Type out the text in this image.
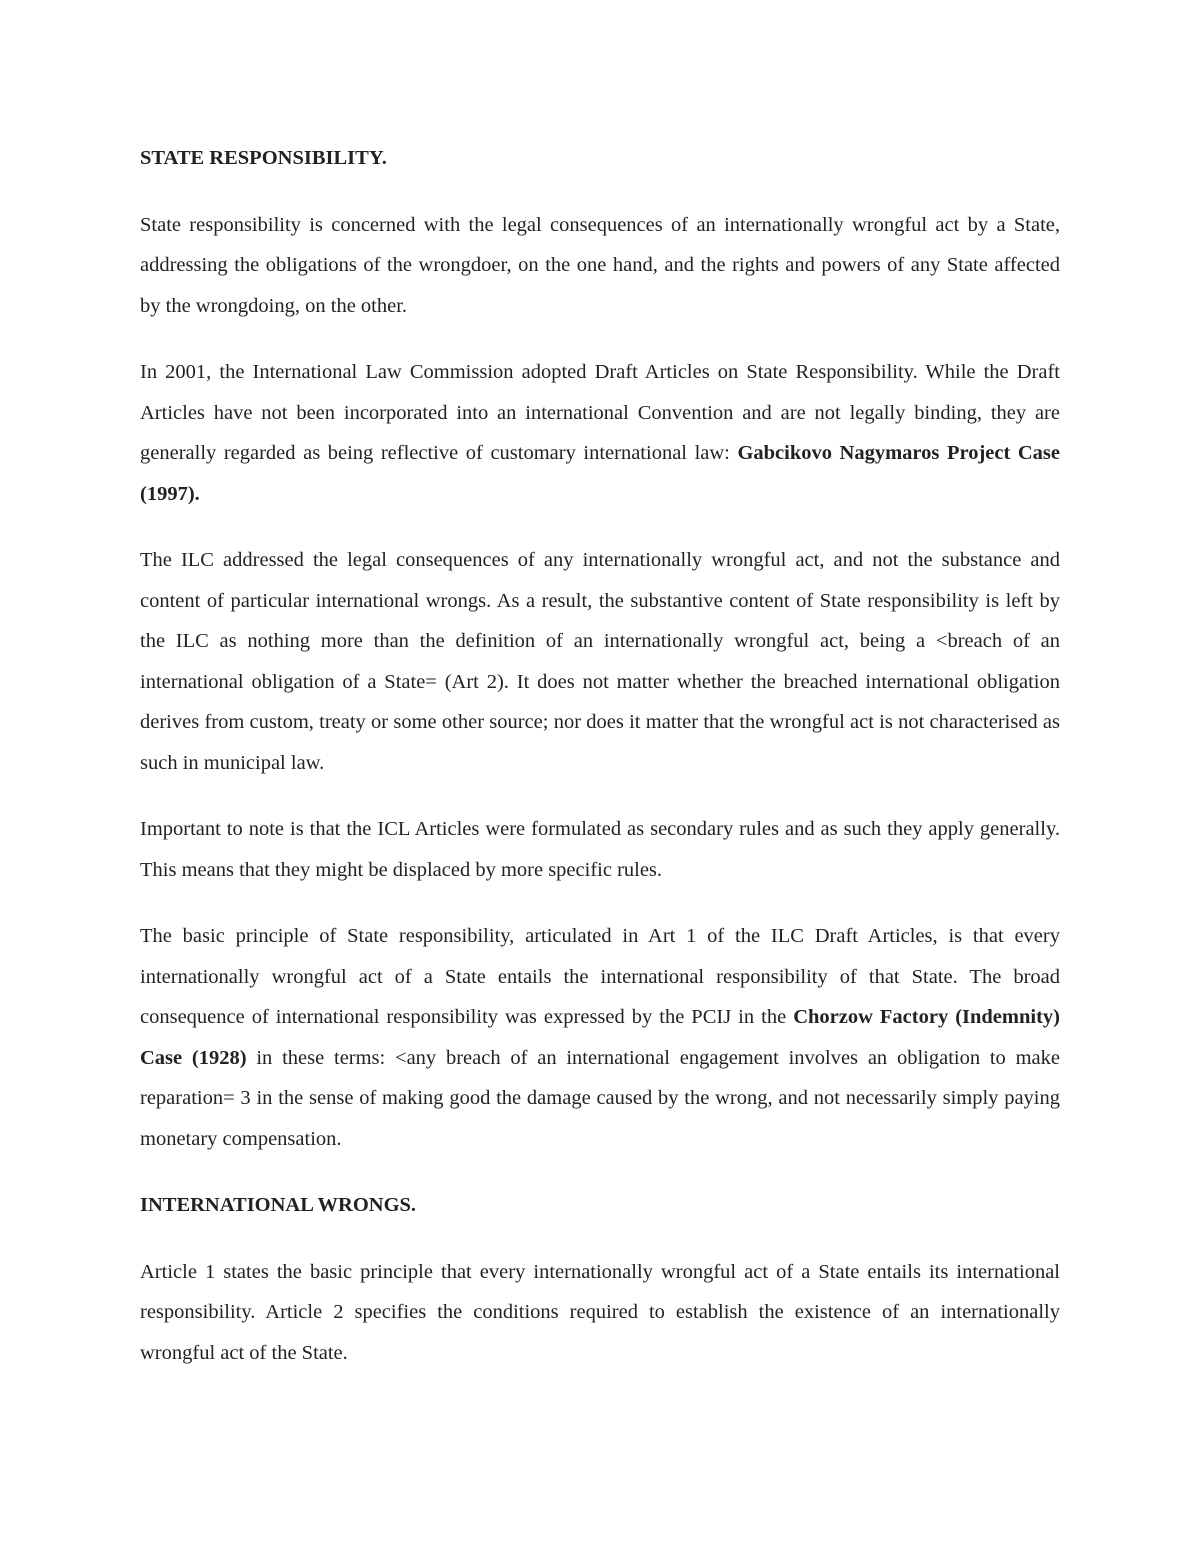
STATE RESPONSIBILITY.
State responsibility is concerned with the legal consequences of an internationally wrongful act by a State, addressing the obligations of the wrongdoer, on the one hand, and the rights and powers of any State affected by the wrongdoing, on the other.
In 2001, the International Law Commission adopted Draft Articles on State Responsibility. While the Draft Articles have not been incorporated into an international Convention and are not legally binding, they are generally regarded as being reflective of customary international law: Gabcikovo Nagymaros Project Case (1997).
The ILC addressed the legal consequences of any internationally wrongful act, and not the substance and content of particular international wrongs. As a result, the substantive content of State responsibility is left by the ILC as nothing more than the definition of an internationally wrongful act, being a <breach of an international obligation of a State= (Art 2). It does not matter whether the breached international obligation derives from custom, treaty or some other source; nor does it matter that the wrongful act is not characterised as such in municipal law.
Important to note is that the ICL Articles were formulated as secondary rules and as such they apply generally. This means that they might be displaced by more specific rules.
The basic principle of State responsibility, articulated in Art 1 of the ILC Draft Articles, is that every internationally wrongful act of a State entails the international responsibility of that State. The broad consequence of international responsibility was expressed by the PCIJ in the Chorzow Factory (Indemnity) Case (1928) in these terms: <any breach of an international engagement involves an obligation to make reparation= 3 in the sense of making good the damage caused by the wrong, and not necessarily simply paying monetary compensation.
INTERNATIONAL WRONGS.
Article 1 states the basic principle that every internationally wrongful act of a State entails its international responsibility. Article 2 specifies the conditions required to establish the existence of an internationally wrongful act of the State.
